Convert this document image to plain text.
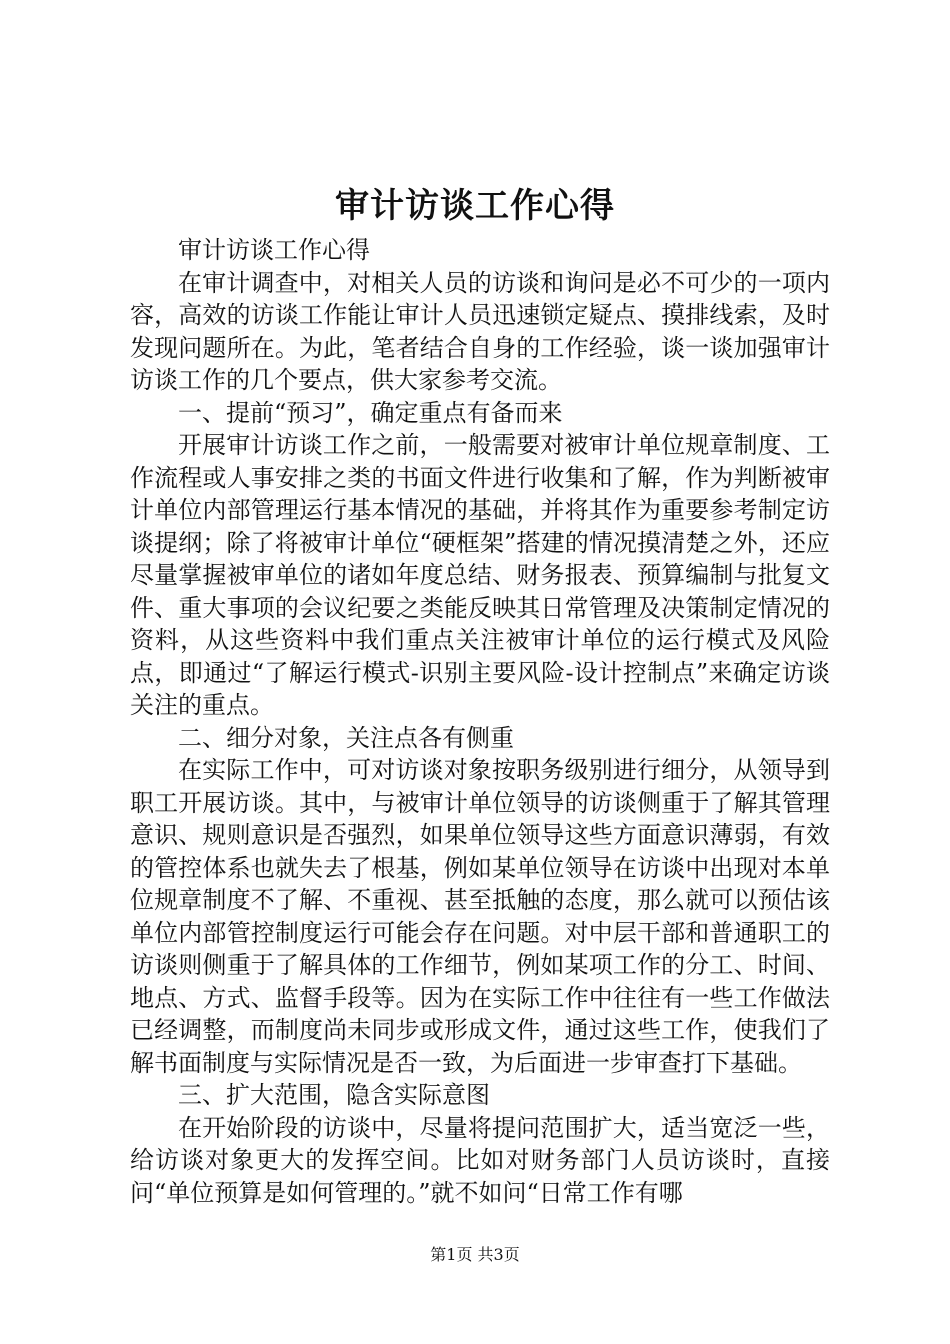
审计访谈工作心得

审计访谈工作心得

在审计调查中，对相关人员的访谈和询问是必不可少的一项内容，高效的访谈工作能让审计人员迅速锁定疑点、摸排线索，及时发现问题所在。为此，笔者结合自身的工作经验，谈一谈加强审计访谈工作的几个要点，供大家参考交流。

一、提前“预习”，确定重点有备而来

开展审计访谈工作之前，一般需要对被审计单位规章制度、工作流程或人事安排之类的书面文件进行收集和了解，作为判断被审计单位内部管理运行基本情况的基础，并将其作为重要参考制定访谈提纲；除了将被审计单位“硬框架”搭建的情况摸清楚之外，还应尽量掌握被审单位的诸如年度总结、财务报表、预算编制与批复文件、重大事项的会议纪要之类能反映其日常管理及决策制定情况的资料，从这些资料中我们重点关注被审计单位的运行模式及风险点，即通过“了解运行模式-识别主要风险-设计控制点”来确定访谈关注的重点。

二、细分对象，关注点各有侧重

在实际工作中，可对访谈对象按职务级别进行细分，从领导到职工开展访谈。其中，与被审计单位领导的访谈侧重于了解其管理意识、规则意识是否强烈，如果单位领导这些方面意识薄弱，有效的管控体系也就失去了根基，例如某单位领导在访谈中出现对本单位规章制度不了解、不重视、甚至抵触的态度，那么就可以预估该单位内部管控制度运行可能会存在问题。对中层干部和普通职工的访谈则侧重于了解具体的工作细节，例如某项工作的分工、时间、地点、方式、监督手段等。因为在实际工作中往往有一些工作做法已经调整，而制度尚未同步或形成文件，通过这些工作，使我们了解书面制度与实际情况是否一致，为后面进一步审查打下基础。

三、扩大范围，隐含实际意图

在开始阶段的访谈中，尽量将提问范围扩大，适当宽泛一些，给访谈对象更大的发挥空间。比如对财务部门人员访谈时，直接问“单位预算是如何管理的。”就不如问“日常工作有哪

第1页 共3页
